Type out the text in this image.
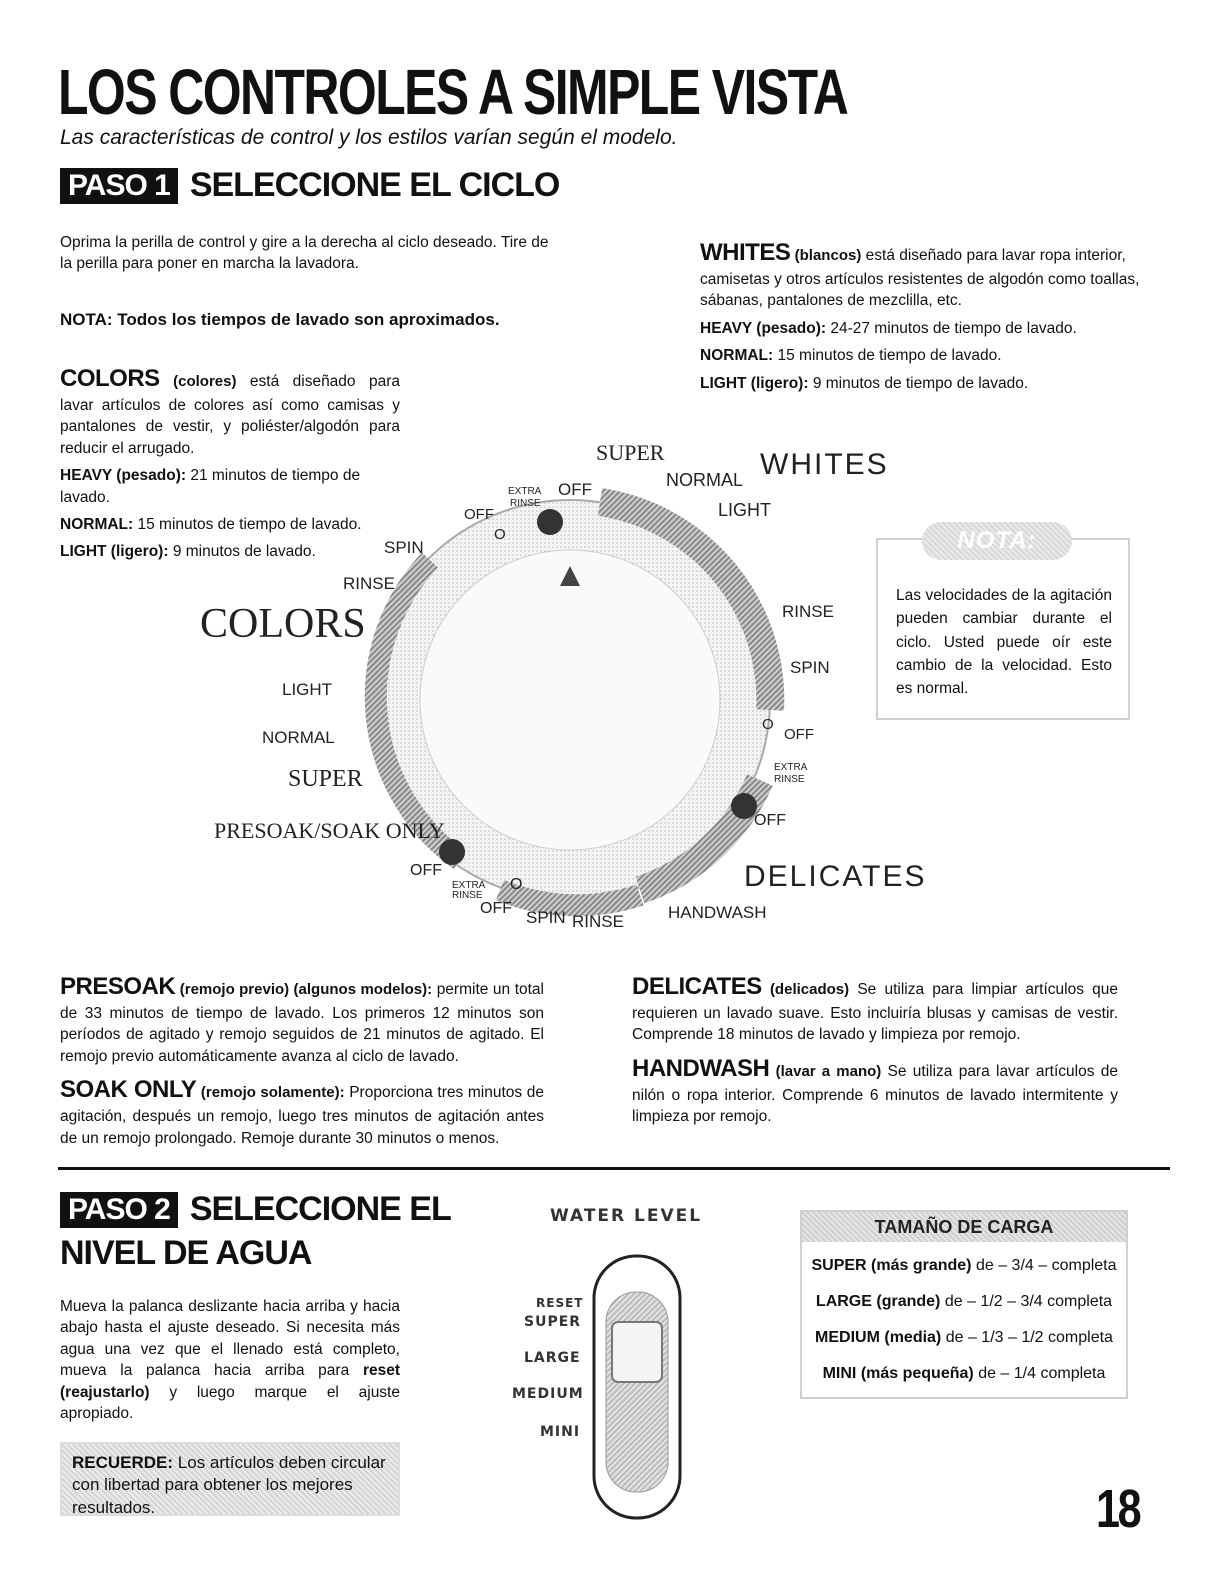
LOS CONTROLES A SIMPLE VISTA
Las características de control y los estilos varían según el modelo.
PASO 1 SELECCIONE EL CICLO

Oprima la perilla de control y gire a la derecha al ciclo deseado. Tire de la perilla para poner en marcha la lavadora.

NOTA: Todos los tiempos de lavado son aproximados.

COLORS (colores) está diseñado para lavar artículos de colores así como camisas y pantalones de vestir, y poliéster/algodón para reducir el arrugado.

HEAVY (pesado): 21 minutos de tiempo de lavado.

NORMAL: 15 minutos de tiempo de lavado.

LIGHT (ligero): 9 minutos de lavado.

WHITES (blancos) está diseñado para lavar ropa interior, camisetas y otros artículos resistentes de algodón como toallas, sábanas, pantalones de mezclilla, etc.

HEAVY (pesado): 24-27 minutos de tiempo de lavado.

NORMAL: 15 minutos de tiempo de lavado.

LIGHT (ligero): 9 minutos de tiempo de lavado.

SUPER
NORMAL WHITES
LIGHT
EXTRA
RINSE
OFF
OFF
O
SPIN
RINSE
COLORS	RINSE
SPIN
LIGHT
NORMAL
O
OFF
SUPER	EXTRA
RINSE
OFF
PRESOAK/SOAK ONLY
DELICATES
OFF
EXTRA
RINSE
O
OFF SPIN RINSE	HANDWASH
NOTA:
Las velocidades de la agitación pueden cambiar durante el ciclo. Usted puede oír este cambio de la velocidad. Esto es normal.

PRESOAK (remojo previo) (algunos modelos): permite un total de 33 minutos de tiempo de lavado. Los primeros 12 minutos son períodos de agitado y remojo seguidos de 21 minutos de agitado. El remojo previo automáticamente avanza al ciclo de lavado.

SOAK ONLY (remojo solamente): Proporciona tres minutos de agitación, después un remojo, luego tres minutos de agitación antes de un remojo prolongado. Remoje durante 30 minutos o menos.

DELICATES (delicados) Se utiliza para limpiar artículos que requieren un lavado suave. Esto incluiría blusas y camisas de vestir. Comprende 18 minutos de lavado y limpieza por remojo.

HANDWASH (lavar a mano) Se utiliza para lavar artículos de nilón o ropa interior. Comprende 6 minutos de lavado intermitente y limpieza por remojo.

PASO 2 SELECCIONE EL
NIVEL DE AGUA

Mueva la palanca deslizante hacia arriba y hacia abajo hasta el ajuste deseado. Si necesita más agua una vez que el llenado está completo, mueva la palanca hacia arriba para reset (reajustarlo) y luego marque el ajuste apropiado.

RECUERDE: Los artículos deben circular con libertad para obtener los mejores resultados.
WATER LEVEL
RESET
SUPER
LARGE
MEDIUM
MINI
TAMAÑO DE CARGA
SUPER (más grande) de – 3/4 – completa
LARGE (grande) de – 1/2 – 3/4 completa
MEDIUM (media) de – 1/3 – 1/2 completa
MINI (más pequeña) de – 1/4 completa
18
